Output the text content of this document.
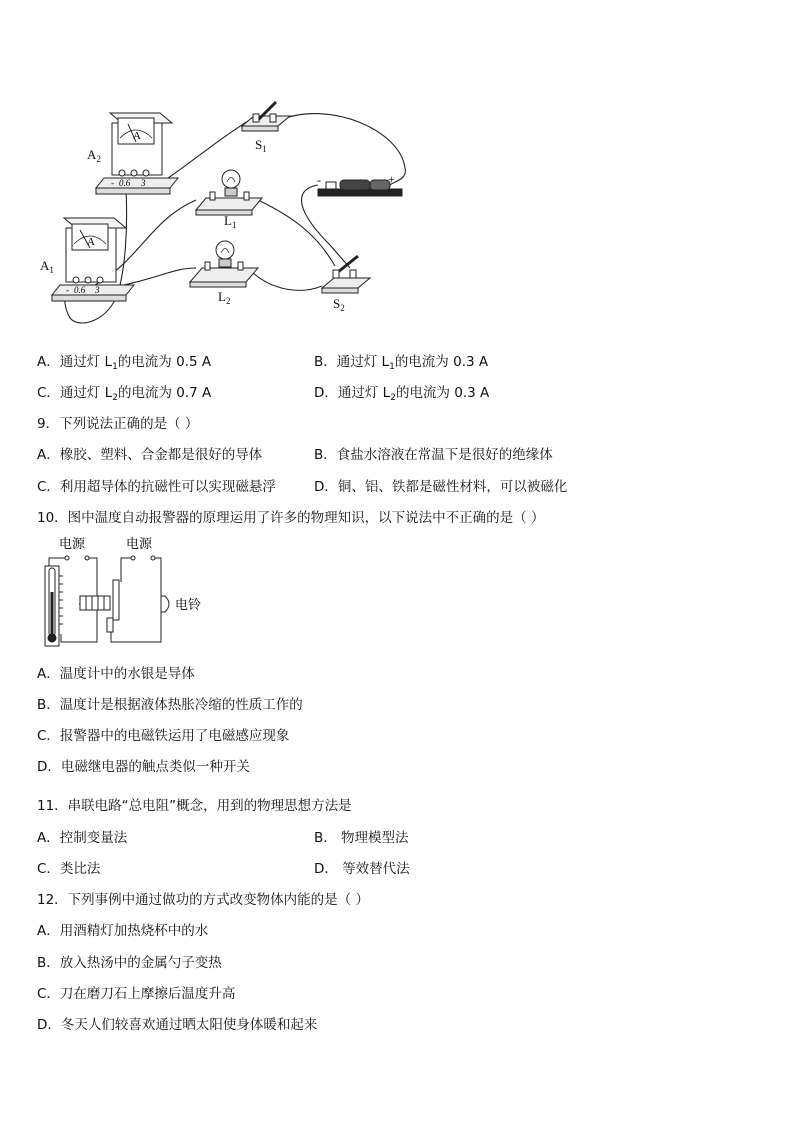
A
- 0.6 3
A
- 0.6 3
-	+
$A_2$
$A_1$
$S_1$
$S_2$
$L_1$
$L_2$
A．通过灯 $L_1$的电流为 0.5 A	B．通过灯 $L_1$的电流为 0.3 A
C．通过灯 $L_2$的电流为 0.7 A	D．通过灯 $L_2$的电流为 0.3 A
9．下列说法正确的是（ ）
A．橡胶、塑料、合金都是很好的导体	B．食盐水溶液在常温下是很好的绝缘体
C．利用超导体的抗磁性可以实现磁悬浮	D．铜、铝、铁都是磁性材料，可以被磁化
10．图中温度自动报警器的原理运用了许多的物理知识，以下说法中不正确的是（ ）
电源	电源
电铃
A．温度计中的水银是导体
B．温度计是根据液体热胀冷缩的性质工作的
C．报警器中的电磁铁运用了电磁感应现象
D．电磁继电器的触点类似一种开关
11．串联电路“总电阻”概念，用到的物理思想方法是
A．控制变量法	B． 物理模型法
C．类比法	D． 等效替代法
12．下列事例中通过做功的方式改变物体内能的是（ ）
A．用酒精灯加热烧杯中的水
B．放入热汤中的金属勺子变热
C．刀在磨刀石上摩擦后温度升高
D．冬天人们较喜欢通过晒太阳使身体暖和起来
